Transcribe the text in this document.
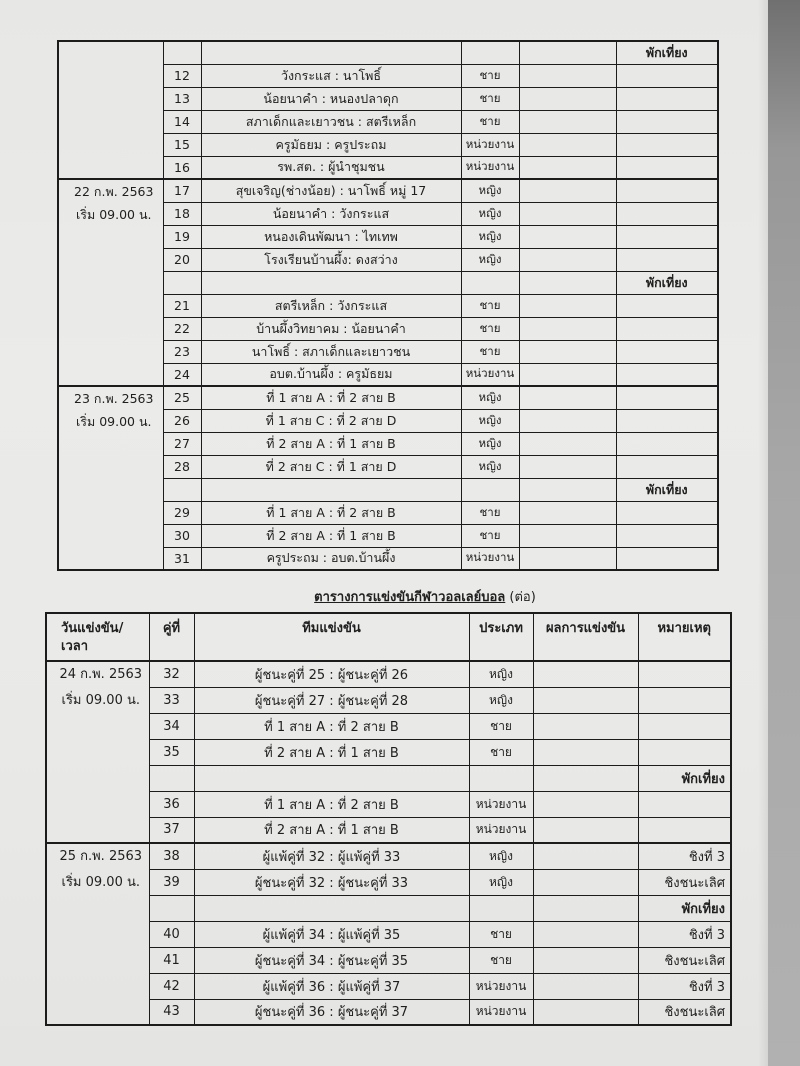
					พักเที่ยง
	12	วังกระแส : นาโพธิ์	ชาย		
	13	น้อยนาคำ : หนองปลาดุก	ชาย		
	14	สภาเด็กและเยาวชน : สตรีเหล็ก	ชาย		
	15	ครูมัธยม : ครูประถม	หน่วยงาน		
	16	รพ.สต. : ผู้นำชุมชน	หน่วยงาน		

22 ก.พ. 2563
เริ่ม 09.00 น.	17	สุขเจริญ(ช่างน้อย) : นาโพธิ์ หมู่ 17	หญิง		
	18	น้อยนาคำ : วังกระแส	หญิง		
	19	หนองเดินพัฒนา : ไทเทพ	หญิง		
	20	โรงเรียนบ้านผึ้ง: ดงสว่าง	หญิง		
					พักเที่ยง
	21	สตรีเหล็ก : วังกระแส	ชาย		
	22	บ้านผึ้งวิทยาคม : น้อยนาคำ	ชาย		
	23	นาโพธิ์ : สภาเด็กและเยาวชน	ชาย		
	24	อบต.บ้านผึ้ง : ครูมัธยม	หน่วยงาน		

23 ก.พ. 2563
เริ่ม 09.00 น.	25	ที่ 1 สาย A : ที่ 2 สาย B	หญิง		
	26	ที่ 1 สาย C : ที่ 2 สาย D	หญิง		
	27	ที่ 2 สาย A : ที่ 1 สาย B	หญิง		
	28	ที่ 2 สาย C : ที่ 1 สาย D	หญิง		
					พักเที่ยง
	29	ที่ 1 สาย A : ที่ 2 สาย B	ชาย		
	30	ที่ 2 สาย A : ที่ 1 สาย B	ชาย		
	31	ครูประถม : อบต.บ้านผึ้ง	หน่วยงาน		
ตารางการแข่งขันกีฬาวอลเลย์บอล (ต่อ)
วันแข่งขัน/
เวลา	คู่ที่	ทีมแข่งขัน	ประเภท	ผลการแข่งขัน	หมายเหตุ

24 ก.พ. 2563
เริ่ม 09.00 น.	32	ผู้ชนะคู่ที่ 25 : ผู้ชนะคู่ที่ 26	หญิง		
	33	ผู้ชนะคู่ที่ 27 : ผู้ชนะคู่ที่ 28	หญิง		
	34	ที่ 1 สาย A : ที่ 2 สาย B	ชาย		
	35	ที่ 2 สาย A : ที่ 1 สาย B	ชาย		
					พักเที่ยง
	36	ที่ 1 สาย A : ที่ 2 สาย B	หน่วยงาน		
	37	ที่ 2 สาย A : ที่ 1 สาย B	หน่วยงาน		

25 ก.พ. 2563
เริ่ม 09.00 น.	38	ผู้แพ้คู่ที่ 32 : ผู้แพ้คู่ที่ 33	หญิง		ชิงที่ 3
	39	ผู้ชนะคู่ที่ 32 : ผู้ชนะคู่ที่ 33	หญิง		ชิงชนะเลิศ
					พักเที่ยง
	40	ผู้แพ้คู่ที่ 34 : ผู้แพ้คู่ที่ 35	ชาย		ชิงที่ 3
	41	ผู้ชนะคู่ที่ 34 : ผู้ชนะคู่ที่ 35	ชาย		ชิงชนะเลิศ
	42	ผู้แพ้คู่ที่ 36 : ผู้แพ้คู่ที่ 37	หน่วยงาน		ชิงที่ 3
	43	ผู้ชนะคู่ที่ 36 : ผู้ชนะคู่ที่ 37	หน่วยงาน		ชิงชนะเลิศ
